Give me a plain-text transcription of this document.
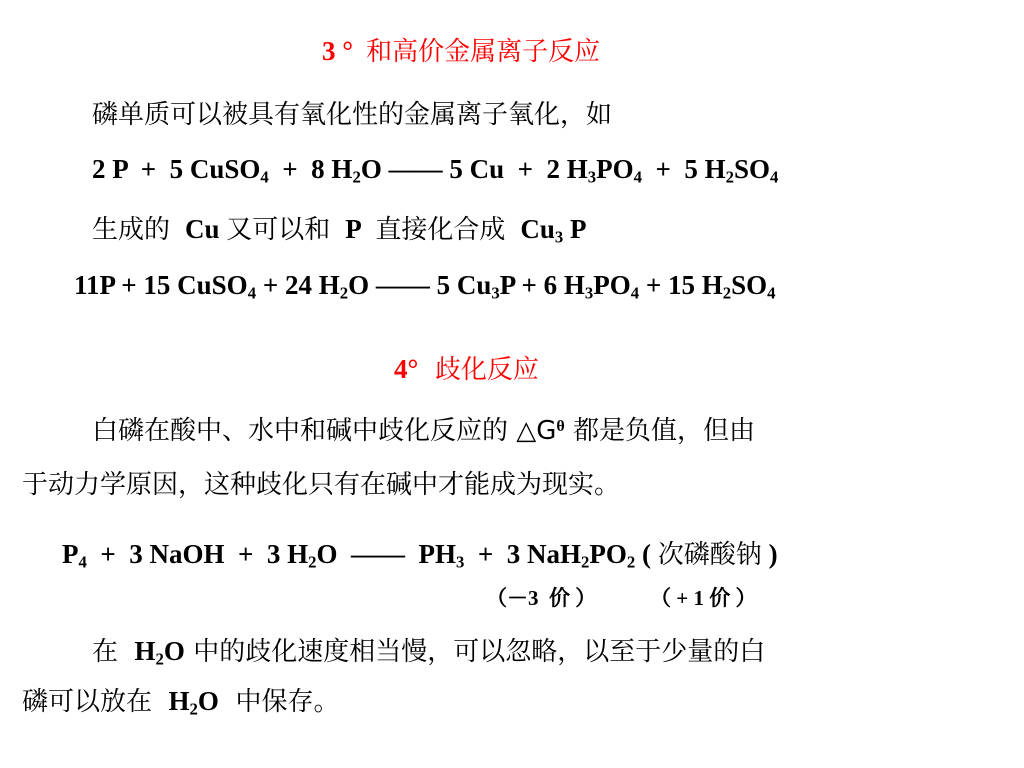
3 ° 和高价金属离子反应
磷单质可以被具有氧化性的金属离子氧化，如
2 P  +  5 CuSO$_4$  +  8 $H_2O$ —— 5 Cu  +  2 $H_3PO_4 + 5$ $H_2SO_4$
生成的  Cu 又可以和  P  直接化合成  $Cu_3$ P
11P + 15 CuSO$_4$ + 24 $H_2O$ —— 5 $Cu_3P + 6$ $H_3PO_4 + 15$ $H_2SO_4$
4°  歧化反应
白磷在酸中、水中和碱中歧化反应的 $\triangle G^\theta$ 都是负值，但由
于动力学原因，这种歧化只有在碱中才能成为现实。
$P_4 + 3$ NaOH  +  3 $H_2O$  ——  $PH_3 + 3$ $NaH_2PO_2$ ( 次磷酸钠 )
（－3  价 ）	（ + 1 价 ）
在  $H_2O$ 中的歧化速度相当慢，可以忽略，以至于少量的白
磷可以放在  $H_2O$  中保存。
